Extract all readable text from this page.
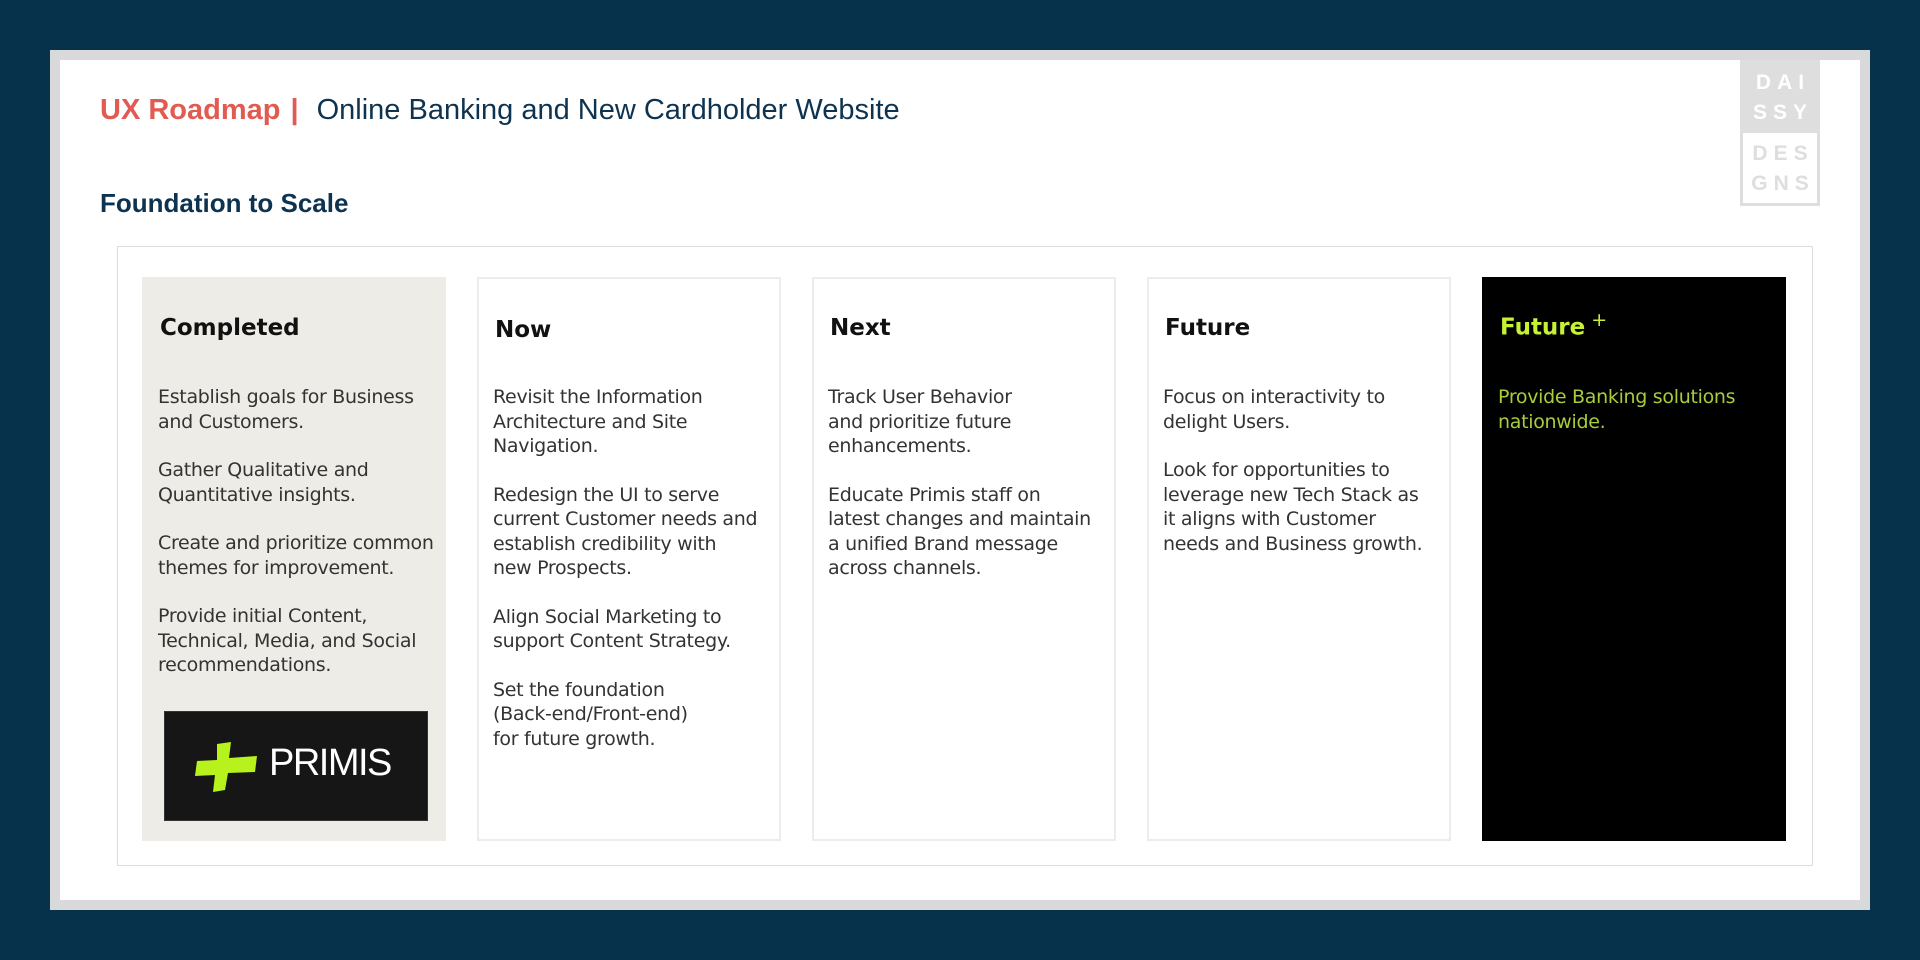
UX Roadmap | Online Banking and New Cardholder Website
Foundation to Scale
DAI
SSY
DES
GNS
Completed

Establish goals for Business
and Customers.

Gather Qualitative and
Quantitative insights.

Create and prioritize common
themes for improvement.

Provide initial Content,
Technical, Media, and Social
recommendations.

PRIMIS
Now

Revisit the Information
Architecture and Site
Navigation.

Redesign the UI to serve
current Customer needs and
establish credibility with
new Prospects.

Align Social Marketing to
support Content Strategy.

Set the foundation
(Back-end/Front-end)
for future growth.

Next

Track User Behavior
and prioritize future
enhancements.

Educate Primis staff on
latest changes and maintain
a unified Brand message
across channels.

Future

Focus on interactivity to
delight Users.

Look for opportunities to
leverage new Tech Stack as
it aligns with Customer
needs and Business growth.

Future +

Provide Banking solutions
nationwide.
